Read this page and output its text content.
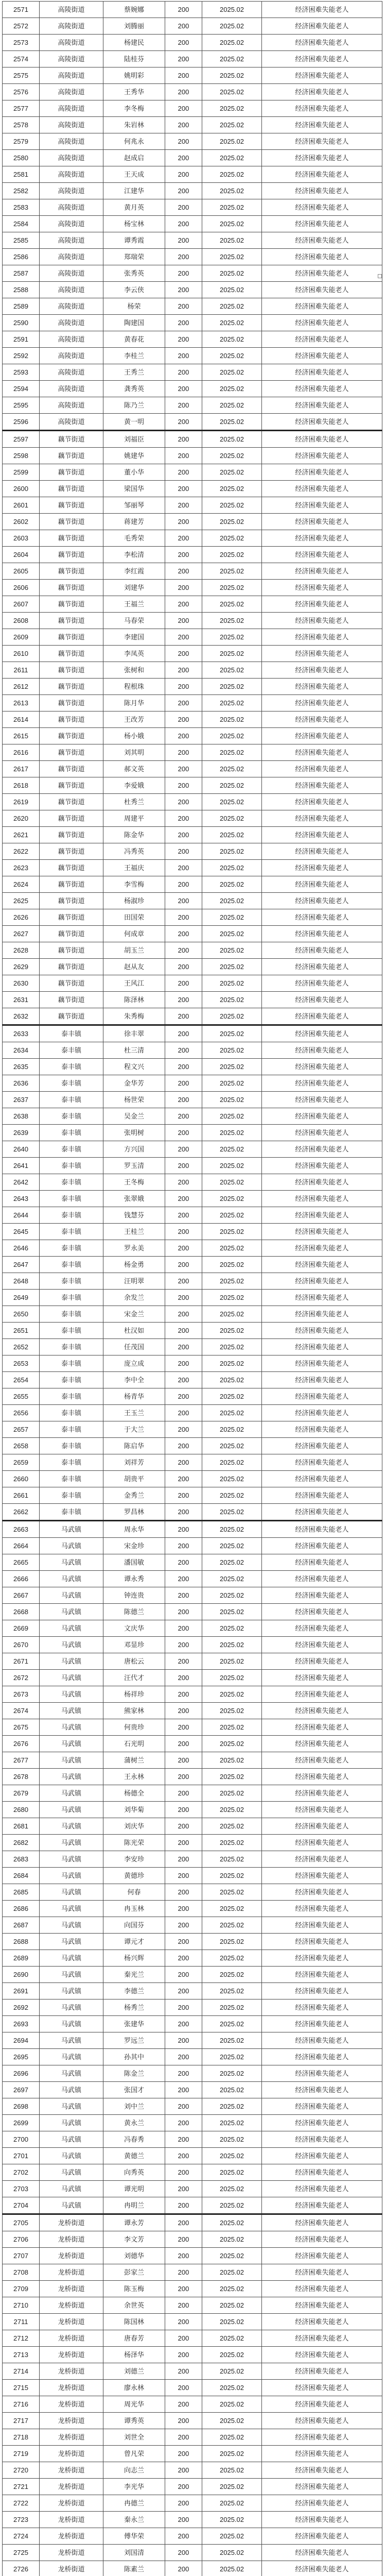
2571	高陵街道	蔡婉娜	200	2025.02	经济困难失能老人
2572	高陵街道	刘腾丽	200	2025.02	经济困难失能老人
2573	高陵街道	杨建民	200	2025.02	经济困难失能老人
2574	高陵街道	陆桂芬	200	2025.02	经济困难失能老人
2575	高陵街道	姚明彩	200	2025.02	经济困难失能老人
2576	高陵街道	王秀华	200	2025.02	经济困难失能老人
2577	高陵街道	李冬梅	200	2025.02	经济困难失能老人
2578	高陵街道	朱岩林	200	2025.02	经济困难失能老人
2579	高陵街道	何兆永	200	2025.02	经济困难失能老人
2580	高陵街道	赵成启	200	2025.02	经济困难失能老人
2581	高陵街道	王天成	200	2025.02	经济困难失能老人
2582	高陵街道	江建华	200	2025.02	经济困难失能老人
2583	高陵街道	黄月英	200	2025.02	经济困难失能老人
2584	高陵街道	杨宝林	200	2025.02	经济困难失能老人
2585	高陵街道	谭秀霞	200	2025.02	经济困难失能老人
2586	高陵街道	郑瑞荣	200	2025.02	经济困难失能老人
2587	高陵街道	张秀英	200	2025.02	经济困难失能老人
2588	高陵街道	李云侠	200	2025.02	经济困难失能老人
2589	高陵街道	杨荣	200	2025.02	经济困难失能老人
2590	高陵街道	陶建国	200	2025.02	经济困难失能老人
2591	高陵街道	黄春花	200	2025.02	经济困难失能老人
2592	高陵街道	李桂兰	200	2025.02	经济困难失能老人
2593	高陵街道	王秀兰	200	2025.02	经济困难失能老人
2594	高陵街道	龚秀英	200	2025.02	经济困难失能老人
2595	高陵街道	陈乃兰	200	2025.02	经济困难失能老人
2596	高陵街道	黄一明	200	2025.02	经济困难失能老人
2597	藕节街道	刘福臣	200	2025.02	经济困难失能老人
2598	藕节街道	姚建华	200	2025.02	经济困难失能老人
2599	藕节街道	董小华	200	2025.02	经济困难失能老人
2600	藕节街道	梁国华	200	2025.02	经济困难失能老人
2601	藕节街道	邹丽琴	200	2025.02	经济困难失能老人
2602	藕节街道	蒋建芳	200	2025.02	经济困难失能老人
2603	藕节街道	毛秀荣	200	2025.02	经济困难失能老人
2604	藕节街道	李松清	200	2025.02	经济困难失能老人
2605	藕节街道	李红霞	200	2025.02	经济困难失能老人
2606	藕节街道	刘建华	200	2025.02	经济困难失能老人
2607	藕节街道	王福兰	200	2025.02	经济困难失能老人
2608	藕节街道	马春荣	200	2025.02	经济困难失能老人
2609	藕节街道	李建国	200	2025.02	经济困难失能老人
2610	藕节街道	李凤英	200	2025.02	经济困难失能老人
2611	藕节街道	张树和	200	2025.02	经济困难失能老人
2612	藕节街道	程根珠	200	2025.02	经济困难失能老人
2613	藕节街道	陈月华	200	2025.02	经济困难失能老人
2614	藕节街道	王改芳	200	2025.02	经济困难失能老人
2615	藕节街道	杨小娥	200	2025.02	经济困难失能老人
2616	藕节街道	刘其明	200	2025.02	经济困难失能老人
2617	藕节街道	郝文英	200	2025.02	经济困难失能老人
2618	藕节街道	李爱娥	200	2025.02	经济困难失能老人
2619	藕节街道	杜秀兰	200	2025.02	经济困难失能老人
2620	藕节街道	周建平	200	2025.02	经济困难失能老人
2621	藕节街道	陈金华	200	2025.02	经济困难失能老人
2622	藕节街道	冯秀英	200	2025.02	经济困难失能老人
2623	藕节街道	王福庆	200	2025.02	经济困难失能老人
2624	藕节街道	李雪梅	200	2025.02	经济困难失能老人
2625	藕节街道	杨淑珍	200	2025.02	经济困难失能老人
2626	藕节街道	田国荣	200	2025.02	经济困难失能老人
2627	藕节街道	何成章	200	2025.02	经济困难失能老人
2628	藕节街道	胡玉兰	200	2025.02	经济困难失能老人
2629	藕节街道	赵从友	200	2025.02	经济困难失能老人
2630	藕节街道	王风江	200	2025.02	经济困难失能老人
2631	藕节街道	陈泽林	200	2025.02	经济困难失能老人
2632	藕节街道	朱秀梅	200	2025.02	经济困难失能老人
2633	泰丰镇	徐丰翠	200	2025.02	经济困难失能老人
2634	泰丰镇	杜三清	200	2025.02	经济困难失能老人
2635	泰丰镇	程文兴	200	2025.02	经济困难失能老人
2636	泰丰镇	金华芳	200	2025.02	经济困难失能老人
2637	泰丰镇	杨世荣	200	2025.02	经济困难失能老人
2638	泰丰镇	吴金兰	200	2025.02	经济困难失能老人
2639	泰丰镇	张明树	200	2025.02	经济困难失能老人
2640	泰丰镇	方兴国	200	2025.02	经济困难失能老人
2641	泰丰镇	罗玉清	200	2025.02	经济困难失能老人
2642	泰丰镇	王冬梅	200	2025.02	经济困难失能老人
2643	泰丰镇	张翠娥	200	2025.02	经济困难失能老人
2644	泰丰镇	钱慧芬	200	2025.02	经济困难失能老人
2645	泰丰镇	王桂兰	200	2025.02	经济困难失能老人
2646	泰丰镇	罗永美	200	2025.02	经济困难失能老人
2647	泰丰镇	杨金勇	200	2025.02	经济困难失能老人
2648	泰丰镇	汪明翠	200	2025.02	经济困难失能老人
2649	泰丰镇	余发兰	200	2025.02	经济困难失能老人
2650	泰丰镇	宋金兰	200	2025.02	经济困难失能老人
2651	泰丰镇	杜汉如	200	2025.02	经济困难失能老人
2652	泰丰镇	任茂国	200	2025.02	经济困难失能老人
2653	泰丰镇	庞立成	200	2025.02	经济困难失能老人
2654	泰丰镇	李中全	200	2025.02	经济困难失能老人
2655	泰丰镇	杨青华	200	2025.02	经济困难失能老人
2656	泰丰镇	王玉兰	200	2025.02	经济困难失能老人
2657	泰丰镇	于大兰	200	2025.02	经济困难失能老人
2658	泰丰镇	陈启华	200	2025.02	经济困难失能老人
2659	泰丰镇	刘祥芳	200	2025.02	经济困难失能老人
2660	泰丰镇	胡贵平	200	2025.02	经济困难失能老人
2661	泰丰镇	金秀兰	200	2025.02	经济困难失能老人
2662	泰丰镇	罗昌林	200	2025.02	经济困难失能老人
2663	马武镇	周永华	200	2025.02	经济困难失能老人
2664	马武镇	宋金珍	200	2025.02	经济困难失能老人
2665	马武镇	潘国敏	200	2025.02	经济困难失能老人
2666	马武镇	谭永秀	200	2025.02	经济困难失能老人
2667	马武镇	钟连贵	200	2025.02	经济困难失能老人
2668	马武镇	陈德兰	200	2025.02	经济困难失能老人
2669	马武镇	文庆华	200	2025.02	经济困难失能老人
2670	马武镇	邓显珍	200	2025.02	经济困难失能老人
2671	马武镇	唐松云	200	2025.02	经济困难失能老人
2672	马武镇	汪代才	200	2025.02	经济困难失能老人
2673	马武镇	杨祥珍	200	2025.02	经济困难失能老人
2674	马武镇	熊家林	200	2025.02	经济困难失能老人
2675	马武镇	何贵珍	200	2025.02	经济困难失能老人
2676	马武镇	石光明	200	2025.02	经济困难失能老人
2677	马武镇	蒲树兰	200	2025.02	经济困难失能老人
2678	马武镇	王永林	200	2025.02	经济困难失能老人
2679	马武镇	杨德全	200	2025.02	经济困难失能老人
2680	马武镇	刘华菊	200	2025.02	经济困难失能老人
2681	马武镇	刘庆华	200	2025.02	经济困难失能老人
2682	马武镇	陈光荣	200	2025.02	经济困难失能老人
2683	马武镇	李安珍	200	2025.02	经济困难失能老人
2684	马武镇	黄德珍	200	2025.02	经济困难失能老人
2685	马武镇	何春	200	2025.02	经济困难失能老人
2686	马武镇	冉玉林	200	2025.02	经济困难失能老人
2687	马武镇	向国芬	200	2025.02	经济困难失能老人
2688	马武镇	谭元才	200	2025.02	经济困难失能老人
2689	马武镇	杨兴辉	200	2025.02	经济困难失能老人
2690	马武镇	秦光兰	200	2025.02	经济困难失能老人
2691	马武镇	李德兰	200	2025.02	经济困难失能老人
2692	马武镇	杨秀兰	200	2025.02	经济困难失能老人
2693	马武镇	张建华	200	2025.02	经济困难失能老人
2694	马武镇	罗远兰	200	2025.02	经济困难失能老人
2695	马武镇	孙其中	200	2025.02	经济困难失能老人
2696	马武镇	陈金兰	200	2025.02	经济困难失能老人
2697	马武镇	张国才	200	2025.02	经济困难失能老人
2698	马武镇	刘中兰	200	2025.02	经济困难失能老人
2699	马武镇	黄永兰	200	2025.02	经济困难失能老人
2700	马武镇	冯春秀	200	2025.02	经济困难失能老人
2701	马武镇	黄德兰	200	2025.02	经济困难失能老人
2702	马武镇	向秀英	200	2025.02	经济困难失能老人
2703	马武镇	谭光明	200	2025.02	经济困难失能老人
2704	马武镇	冉明兰	200	2025.02	经济困难失能老人
2705	龙桥街道	谭永芳	200	2025.02	经济困难失能老人
2706	龙桥街道	李文芳	200	2025.02	经济困难失能老人
2707	龙桥街道	刘德华	200	2025.02	经济困难失能老人
2708	龙桥街道	彭家兰	200	2025.02	经济困难失能老人
2709	龙桥街道	陈玉梅	200	2025.02	经济困难失能老人
2710	龙桥街道	余世英	200	2025.02	经济困难失能老人
2711	龙桥街道	陈国林	200	2025.02	经济困难失能老人
2712	龙桥街道	唐春芳	200	2025.02	经济困难失能老人
2713	龙桥街道	杨泽华	200	2025.02	经济困难失能老人
2714	龙桥街道	刘德兰	200	2025.02	经济困难失能老人
2715	龙桥街道	廖永林	200	2025.02	经济困难失能老人
2716	龙桥街道	周光华	200	2025.02	经济困难失能老人
2717	龙桥街道	谭秀英	200	2025.02	经济困难失能老人
2718	龙桥街道	刘世全	200	2025.02	经济困难失能老人
2719	龙桥街道	曾凡荣	200	2025.02	经济困难失能老人
2720	龙桥街道	向志兰	200	2025.02	经济困难失能老人
2721	龙桥街道	李光华	200	2025.02	经济困难失能老人
2722	龙桥街道	冉德兰	200	2025.02	经济困难失能老人
2723	龙桥街道	秦永兰	200	2025.02	经济困难失能老人
2724	龙桥街道	傅华荣	200	2025.02	经济困难失能老人
2725	龙桥街道	刘国清	200	2025.02	经济困难失能老人
2726	龙桥街道	陈素兰	200	2025.02	经济困难失能老人
